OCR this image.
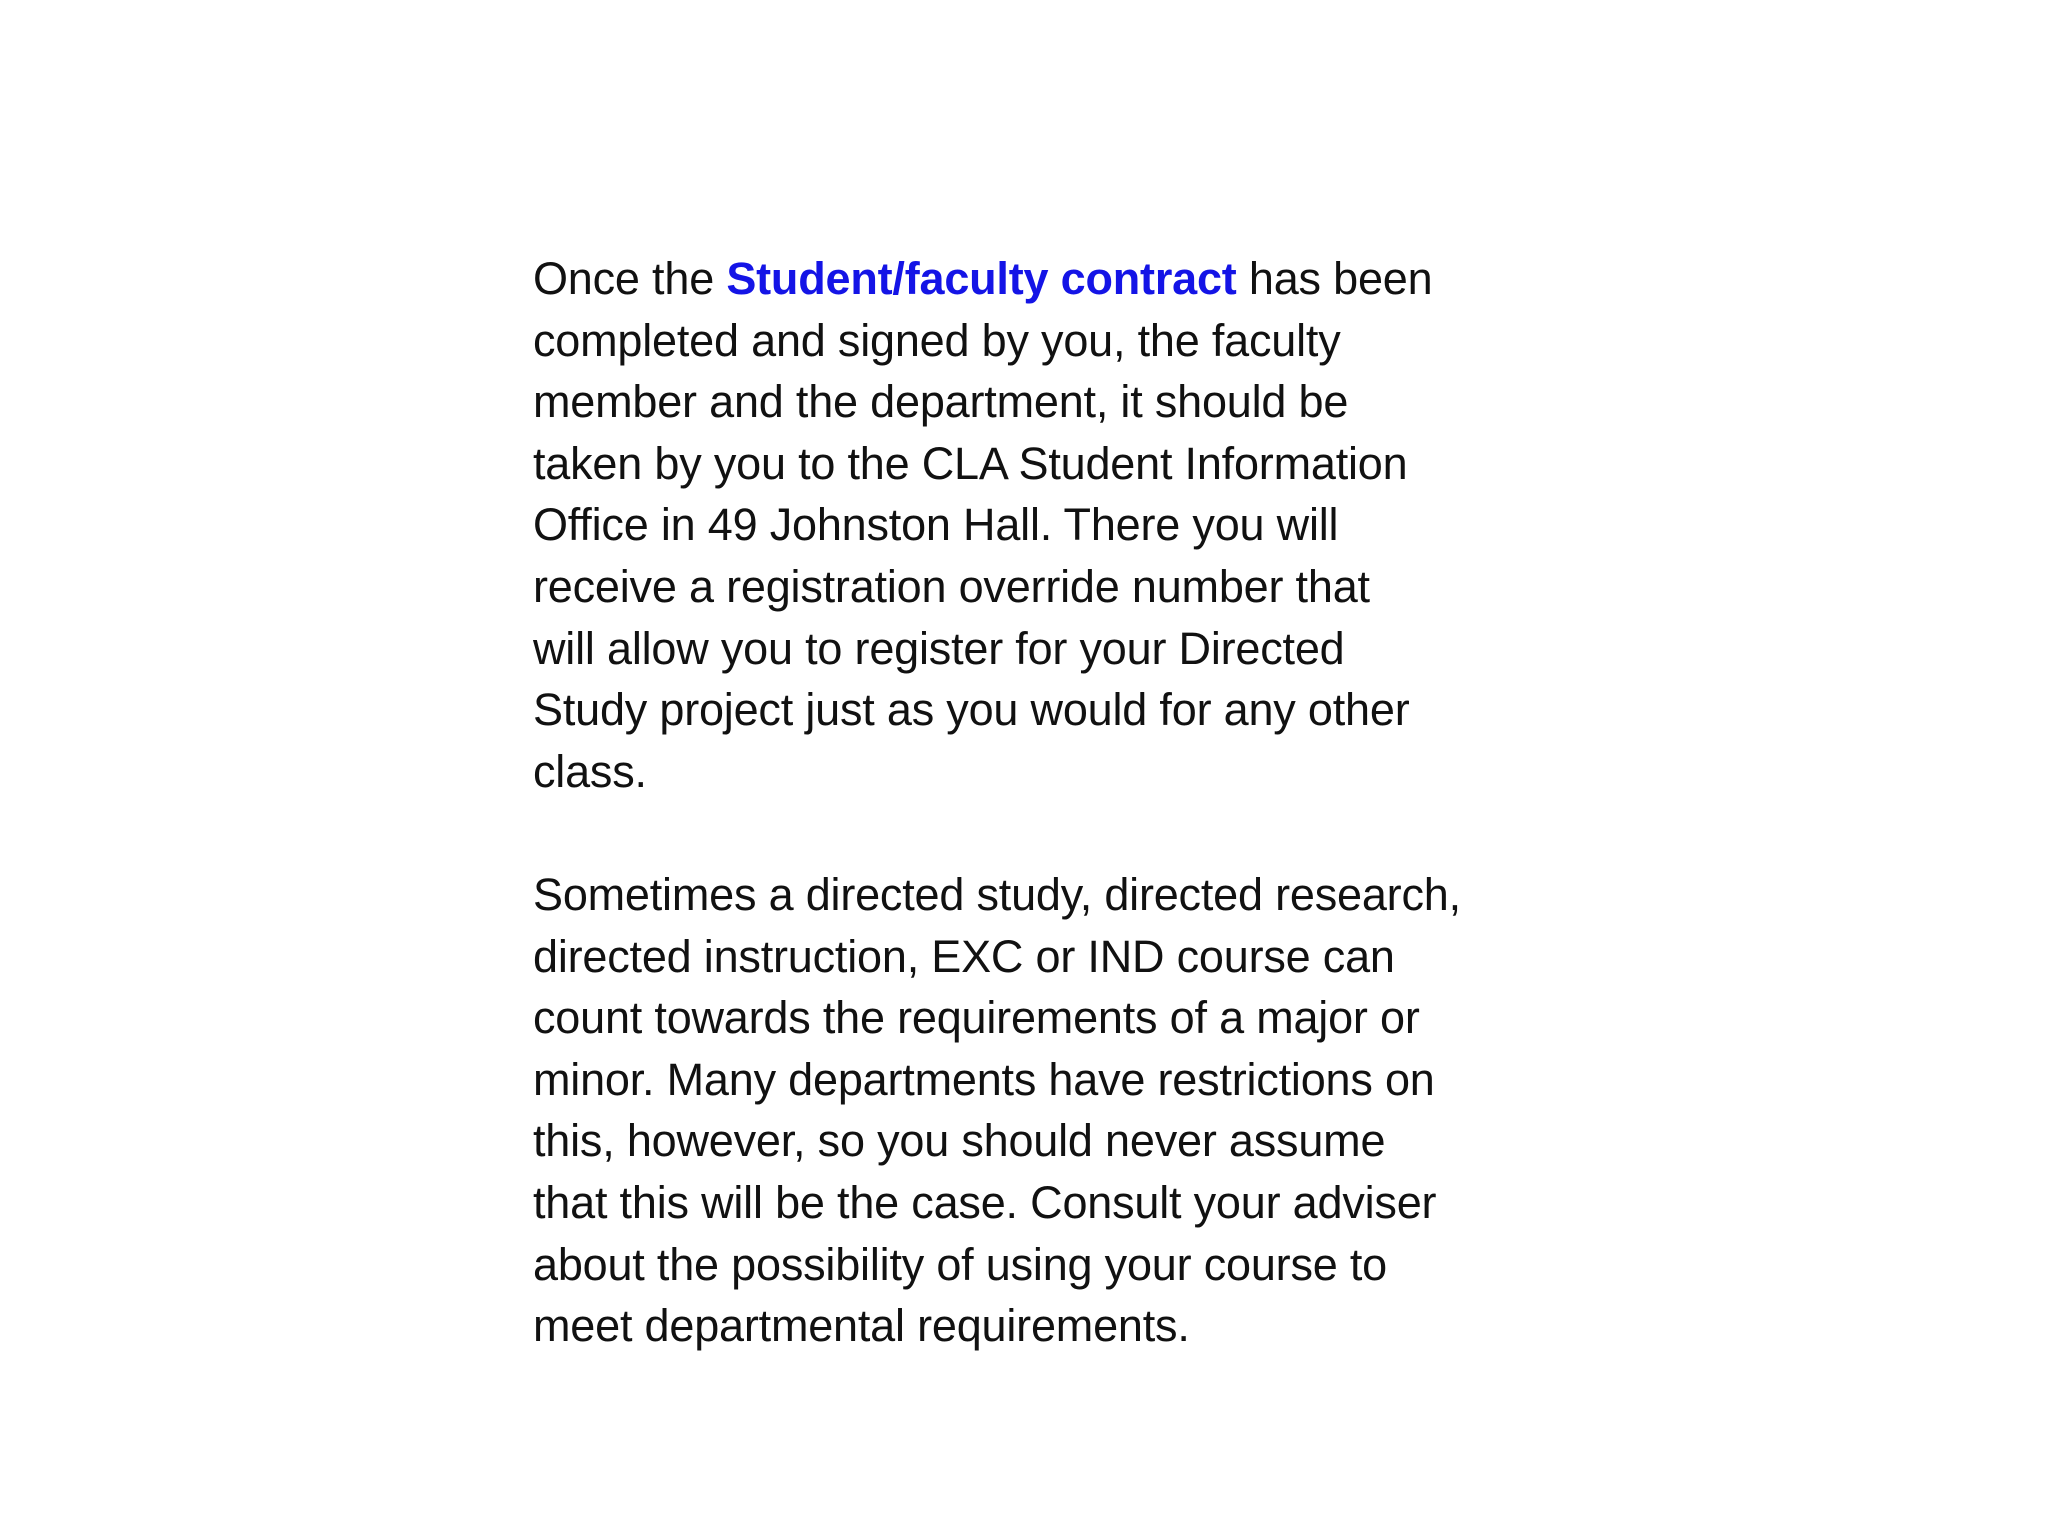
Once the Student/faculty contract has been
completed and signed by you, the faculty
member and the department, it should be
taken by you to the CLA Student Information
Office in 49 Johnston Hall. There you will
receive a registration override number that
will allow you to register for your Directed
Study project just as you would for any other
class.

Sometimes a directed study, directed research,
directed instruction, EXC or IND course can
count towards the requirements of a major or
minor. Many departments have restrictions on
this, however, so you should never assume
that this will be the case. Consult your adviser
about the possibility of using your course to
meet departmental requirements.
